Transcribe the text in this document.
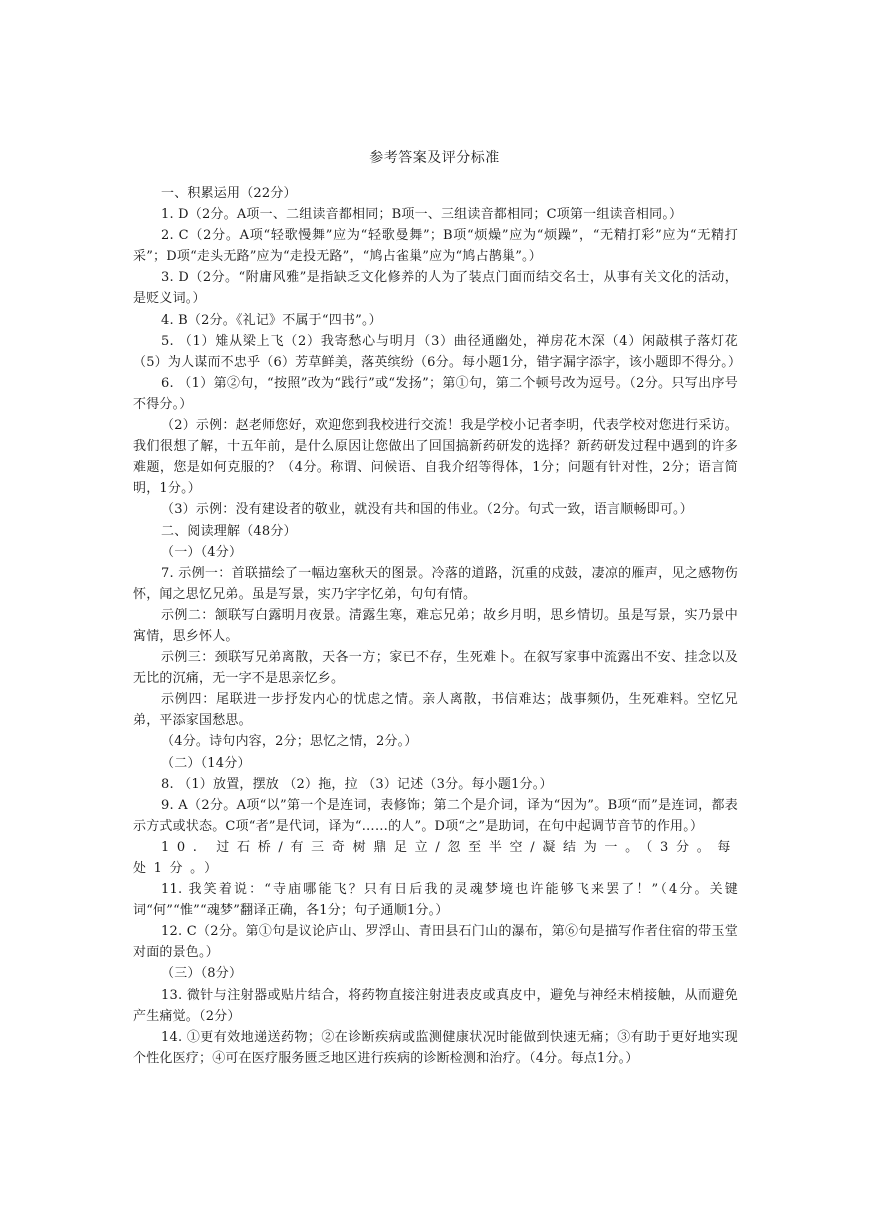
参考答案及评分标准

一、积累运用（22分）

1. D（2分。A项一、二组读音都相同；B项一、三组读音都相同；C项第一组读音相同。）

2. C（2分。A项“轻歌慢舞”应为“轻歌曼舞”；B项“烦燥”应为“烦躁”，“无精打彩”应为“无精打采”；D项“走头无路”应为“走投无路”，“鸠占雀巢”应为“鸠占鹊巢”。）

3. D（2分。“附庸风雅”是指缺乏文化修养的人为了装点门面而结交名士，从事有关文化的活动，是贬义词。）

4. B（2分。《礼记》不属于“四书”。）

5. （1）雉从梁上飞（2）我寄愁心与明月（3）曲径通幽处，禅房花木深（4）闲敲棋子落灯花（5）为人谋而不忠乎（6）芳草鲜美，落英缤纷（6分。每小题1分，错字漏字添字，该小题即不得分。）

6. （1）第②句，“按照”改为“践行”或“发扬”；第①句，第二个顿号改为逗号。（2分。只写出序号不得分。）

（2）示例：赵老师您好，欢迎您到我校进行交流！我是学校小记者李明，代表学校对您进行采访。我们很想了解，十五年前，是什么原因让您做出了回国搞新药研发的选择？新药研发过程中遇到的许多难题，您是如何克服的？（4分。称谓、问候语、自我介绍等得体，1分；问题有针对性，2分；语言简明，1分。）

（3）示例：没有建设者的敬业，就没有共和国的伟业。（2分。句式一致，语言顺畅即可。）

二、阅读理解（48分）

（一）（4分）

7. 示例一：首联描绘了一幅边塞秋天的图景。冷落的道路，沉重的戍鼓，凄凉的雁声，见之感物伤怀，闻之思忆兄弟。虽是写景，实乃字字忆弟，句句有情。

示例二：颔联写白露明月夜景。清露生寒，难忘兄弟；故乡月明，思乡情切。虽是写景，实乃景中寓情，思乡怀人。

示例三：颈联写兄弟离散，天各一方；家已不存，生死难卜。在叙写家事中流露出不安、挂念以及无比的沉痛，无一字不是思亲忆乡。

示例四：尾联进一步抒发内心的忧虑之情。亲人离散，书信难达；战事频仍，生死难料。空忆兄弟，平添家国愁思。

（4分。诗句内容，2分；思忆之情，2分。）

（二）（14分）

8. （1）放置，摆放 （2）拖，拉 （3）记述（3分。每小题1分。）

9. A（2分。A项“以”第一个是连词，表修饰；第二个是介词，译为“因为”。B项“而”是连词，都表示方式或状态。C项“者”是代词，译为“……的人”。D项“之”是助词，在句中起调节音节的作用。）

10. 过石桥/有三奇树鼎足立/忽至半空/凝结为一。（3分。每处1分。）

11. 我笑着说：“寺庙哪能飞？只有日后我的灵魂梦境也许能够飞来罢了！”（4分。关键词“何”“惟”“魂梦”翻译正确，各1分；句子通顺1分。）

12. C（2分。第①句是议论庐山、罗浮山、青田县石门山的瀑布，第⑥句是描写作者住宿的带玉堂对面的景色。）

（三）（8分）

13. 微针与注射器或贴片结合，将药物直接注射进表皮或真皮中，避免与神经末梢接触，从而避免产生痛觉。（2分）

14. ①更有效地递送药物；②在诊断疾病或监测健康状况时能做到快速无痛；③有助于更好地实现个性化医疗；④可在医疗服务匮乏地区进行疾病的诊断检测和治疗。（4分。每点1分。）
